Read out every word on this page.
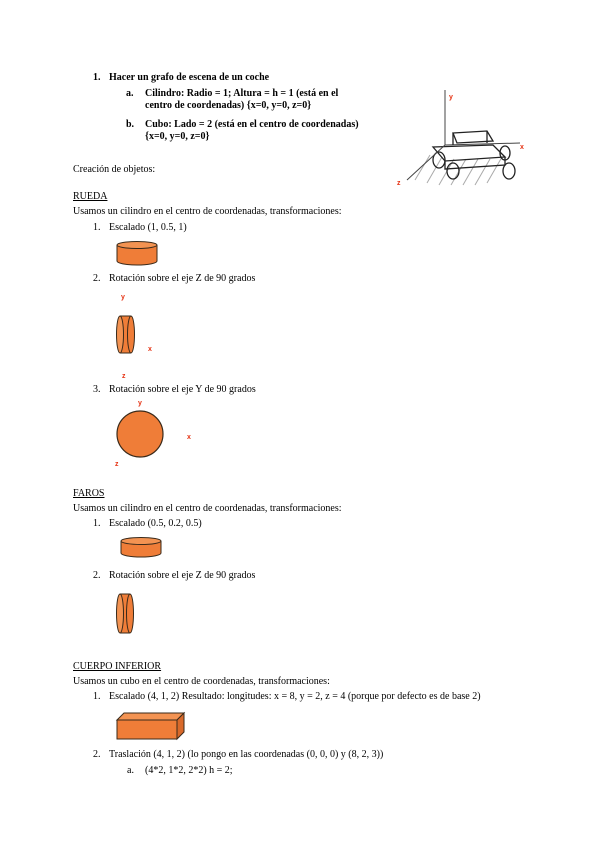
1. Hacer un grafo de escena de un coche
a. Cilindro: Radio = 1; Altura = h = 1 (está en el
centro de coordenadas) {x=0, y=0, z=0}
b. Cubo: Lado = 2 (está en el centro de coordenadas)
{x=0, y=0, z=0}
y
x
z
Creación de objetos:
RUEDA
Usamos un cilindro en el centro de coordenadas, transformaciones:
1. Escalado (1, 0.5, 1)
2. Rotación sobre el eje Z de 90 grados
y
x
z
3. Rotación sobre el eje Y de 90 grados
y
x
z
FAROS
Usamos un cilindro en el centro de coordenadas, transformaciones:
1. Escalado (0.5, 0.2, 0.5)
2. Rotación sobre el eje Z de 90 grados
CUERPO INFERIOR
Usamos un cubo en el centro de coordenadas, transformaciones:
1. Escalado (4, 1, 2) Resultado: longitudes: x = 8, y = 2, z = 4 (porque por defecto es de base 2)
2. Traslación (4, 1, 2) (lo pongo en las coordenadas (0, 0, 0) y (8, 2, 3))
a. (4*2, 1*2, 2*2) h = 2;
